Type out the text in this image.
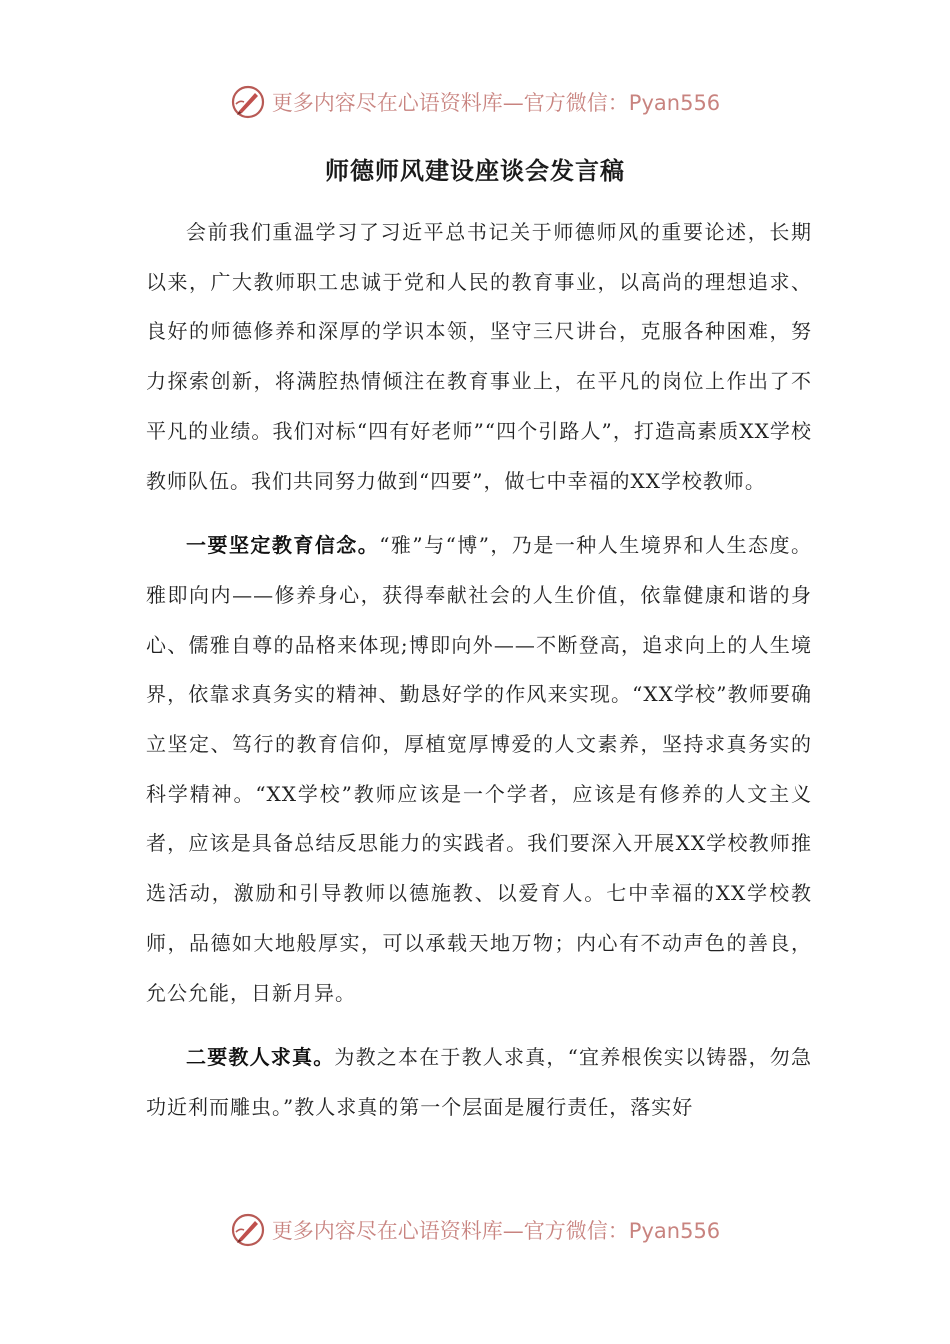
更多内容尽在心语资料库—官方微信：Pyan556
师德师风建设座谈会发言稿

会前我们重温学习了习近平总书记关于师德师风的重要论述，长期以来，广大教师职工忠诚于党和人民的教育事业，以高尚的理想追求、良好的师德修养和深厚的学识本领，坚守三尺讲台，克服各种困难，努力探索创新，将满腔热情倾注在教育事业上，在平凡的岗位上作出了不平凡的业绩。我们对标“四有好老师”“四个引路人”，打造高素质XX学校教师队伍。我们共同努力做到“四要”，做七中幸福的XX学校教师。

一要坚定教育信念。“雅”与“博”，乃是一种人生境界和人生态度。雅即向内——修养身心，获得奉献社会的人生价值，依靠健康和谐的身心、儒雅自尊的品格来体现;博即向外——不断登高，追求向上的人生境界，依靠求真务实的精神、勤恳好学的作风来实现。“XX学校”教师要确立坚定、笃行的教育信仰，厚植宽厚博爱的人文素养，坚持求真务实的科学精神。“XX学校”教师应该是一个学者，应该是有修养的人文主义者，应该是具备总结反思能力的实践者。我们要深入开展XX学校教师推选活动，激励和引导教师以德施教、以爱育人。七中幸福的XX学校教师，品德如大地般厚实，可以承载天地万物；内心有不动声色的善良，允公允能，日新月异。

二要教人求真。为教之本在于教人求真，“宜养根俟实以铸器，勿急功近利而雕虫。”教人求真的第一个层面是履行责任，落实好

更多内容尽在心语资料库—官方微信：Pyan556
